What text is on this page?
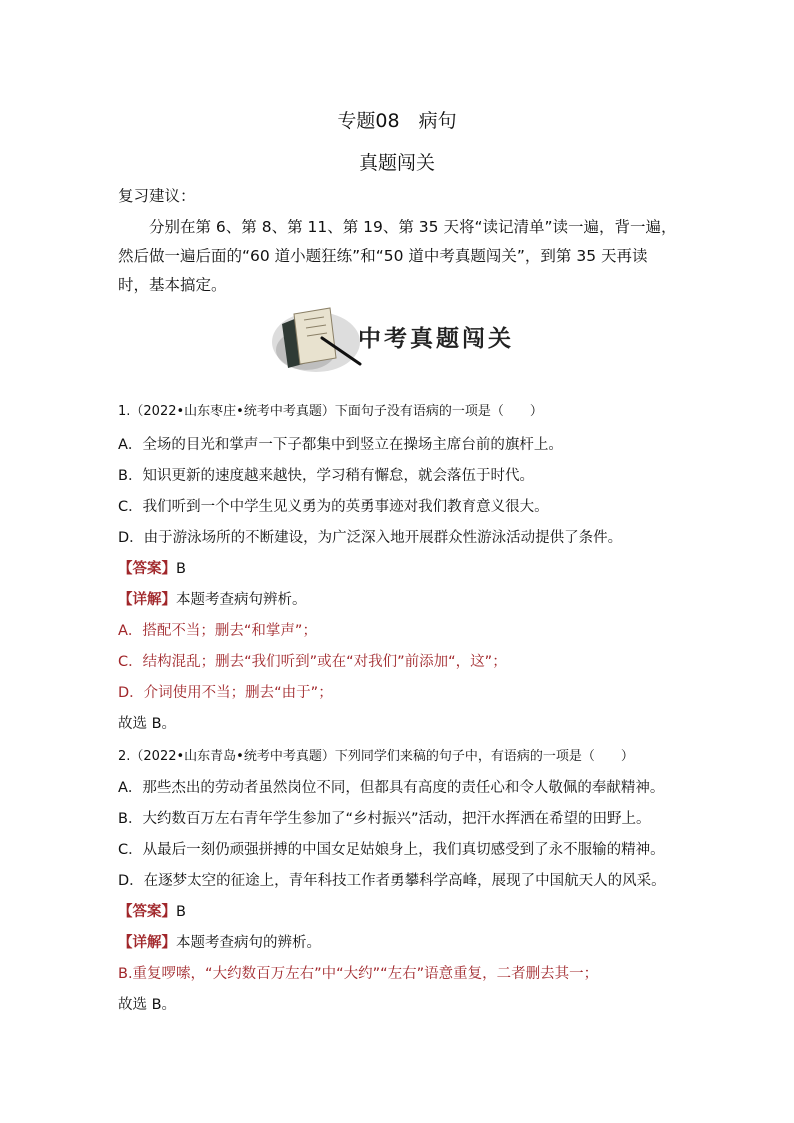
专题08　病句
真题闯关
复习建议：
分别在第 6、第 8、第 11、第 19、第 35 天将“读记清单”读一遍，背一遍，然后做一遍后面的“60 道小题狂练”和“50 道中考真题闯关”，到第 35 天再读时，基本搞定。
中考真题闯关
1.（2022•山东枣庄•统考中考真题）下面句子没有语病的一项是（　　）
A．全场的目光和掌声一下子都集中到竖立在操场主席台前的旗杆上。
B．知识更新的速度越来越快，学习稍有懈怠，就会落伍于时代。
C．我们听到一个中学生见义勇为的英勇事迹对我们教育意义很大。
D．由于游泳场所的不断建设，为广泛深入地开展群众性游泳活动提供了条件。
【答案】B
【详解】本题考查病句辨析。
A．搭配不当；删去“和掌声”；
C．结构混乱；删去“我们听到”或在“对我们”前添加“，这”；
D．介词使用不当；删去“由于”；
故选 B。
2.（2022•山东青岛•统考中考真题）下列同学们来稿的句子中，有语病的一项是（　　）
A．那些杰出的劳动者虽然岗位不同，但都具有高度的责任心和令人敬佩的奉献精神。
B．大约数百万左右青年学生参加了“乡村振兴”活动，把汗水挥洒在希望的田野上。
C．从最后一刻仍顽强拼搏的中国女足姑娘身上，我们真切感受到了永不服输的精神。
D．在逐梦太空的征途上，青年科技工作者勇攀科学高峰，展现了中国航天人的风采。
【答案】B
【详解】本题考查病句的辨析。
B.重复啰嗦，“大约数百万左右”中“大约”“左右”语意重复，二者删去其一；
故选 B。
